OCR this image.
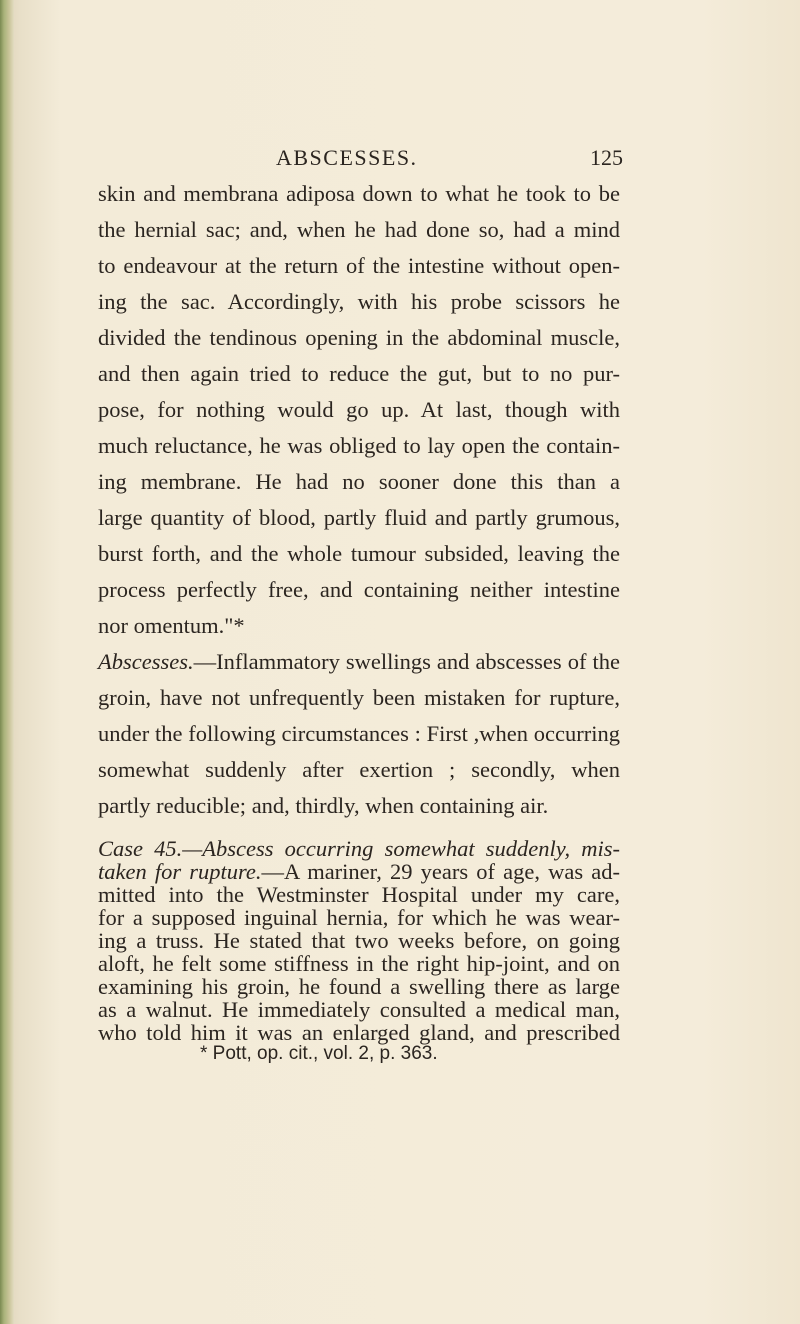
ABSCESSES.	125
skin and membrana adiposa down to what he took to be
the hernial sac; and, when he had done so, had a mind
to endeavour at the return of the intestine without open-
ing the sac. Accordingly, with his probe scissors he
divided the tendinous opening in the abdominal muscle,
and then again tried to reduce the gut, but to no pur-
pose, for nothing would go up. At last, though with
much reluctance, he was obliged to lay open the contain-
ing membrane. He had no sooner done this than a
large quantity of blood, partly fluid and partly grumous,
burst forth, and the whole tumour subsided, leaving the
process perfectly free, and containing neither intestine
nor omentum."*
Abscesses.—Inflammatory swellings and abscesses of the
groin, have not unfrequently been mistaken for rupture,
under the following circumstances : First ,when occurring
somewhat suddenly after exertion ; secondly, when
partly reducible; and, thirdly, when containing air.
Case 45.—Abscess occurring somewhat suddenly, mis-
taken for rupture.—A mariner, 29 years of age, was ad-
mitted into the Westminster Hospital under my care,
for a supposed inguinal hernia, for which he was wear-
ing a truss. He stated that two weeks before, on going
aloft, he felt some stiffness in the right hip-joint, and on
examining his groin, he found a swelling there as large
as a walnut. He immediately consulted a medical man,
who told him it was an enlarged gland, and prescribed
* Pott, op. cit., vol. 2, p. 363.
